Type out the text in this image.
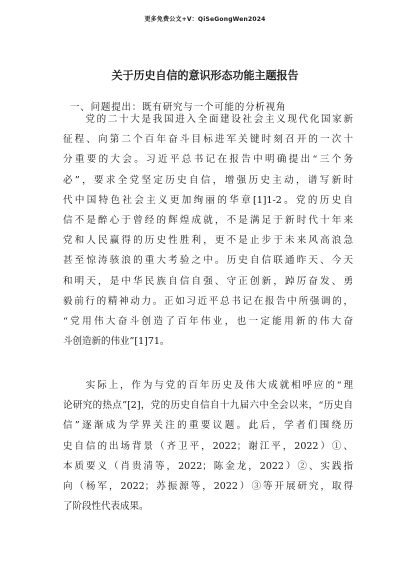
更多免费公文+V：QiSeGongWen2024
关于历史自信的意识形态功能主题报告
一、问题提出：既有研究与一个可能的分析视角
　　党的二十大是我国进入全面建设社会主义现代化国家新
征程、向第二个百年奋斗目标进军关键时刻召开的一次十
分重要的大会。习近平总书记在报告中明确提出“三个务
必”，要求全党坚定历史自信，增强历史主动，谱写新时
代中国特色社会主义更加绚丽的华章[1]1-2。党的历史自
信不是醉心于曾经的辉煌成就，不是满足于新时代十年来
党和人民赢得的历史性胜利，更不是止步于未来风高浪急
甚至惊涛骇浪的重大考验之中。历史自信联通昨天、今天
和明天，是中华民族自信自强、守正创新，踔厉奋发、勇
毅前行的精神动力。正如习近平总书记在报告中所强调的，
“党用伟大奋斗创造了百年伟业，也一定能用新的伟大奋
斗创造新的伟业”[1]71。
　　实际上，作为与党的百年历史及伟大成就相呼应的“理
论研究的热点”[2]，党的历史自信自十九届六中全会以来，“历史自
信”逐渐成为学界关注的重要议题。此后，学者们围绕历
史自信的出场背景（齐卫平，2022；谢江平，2022）①、
本质要义（肖贵清等，2022；陈金龙，2022）②、实践指
向（杨军，2022；苏振源等，2022）③等开展研究，取得
了阶段性代表成果。
